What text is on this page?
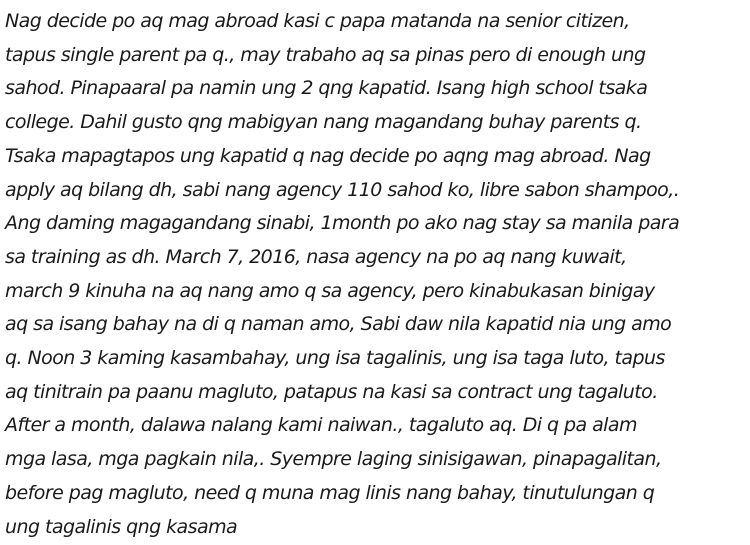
Nag decide po aq mag abroad kasi c papa matanda na senior citizen,
tapus single parent pa q., may trabaho aq sa pinas pero di enough ung
sahod. Pinapaaral pa namin ung 2 qng kapatid. Isang high school tsaka
college. Dahil gusto qng mabigyan nang magandang buhay parents q.
Tsaka mapagtapos ung kapatid q nag decide po aqng mag abroad. Nag
apply aq bilang dh, sabi nang agency 110 sahod ko, libre sabon shampoo,.
Ang daming magagandang sinabi, 1month po ako nag stay sa manila para
sa training as dh. March 7, 2016, nasa agency na po aq nang kuwait,
march 9 kinuha na aq nang amo q sa agency, pero kinabukasan binigay
aq sa isang bahay na di q naman amo, Sabi daw nila kapatid nia ung amo
q. Noon 3 kaming kasambahay, ung isa tagalinis, ung isa taga luto, tapus
aq tinitrain pa paanu magluto, patapus na kasi sa contract ung tagaluto.
After a month, dalawa nalang kami naiwan., tagaluto aq. Di q pa alam
mga lasa, mga pagkain nila,. Syempre laging sinisigawan, pinapagalitan,
before pag magluto, need q muna mag linis nang bahay, tinutulungan q
ung tagalinis qng kasama
